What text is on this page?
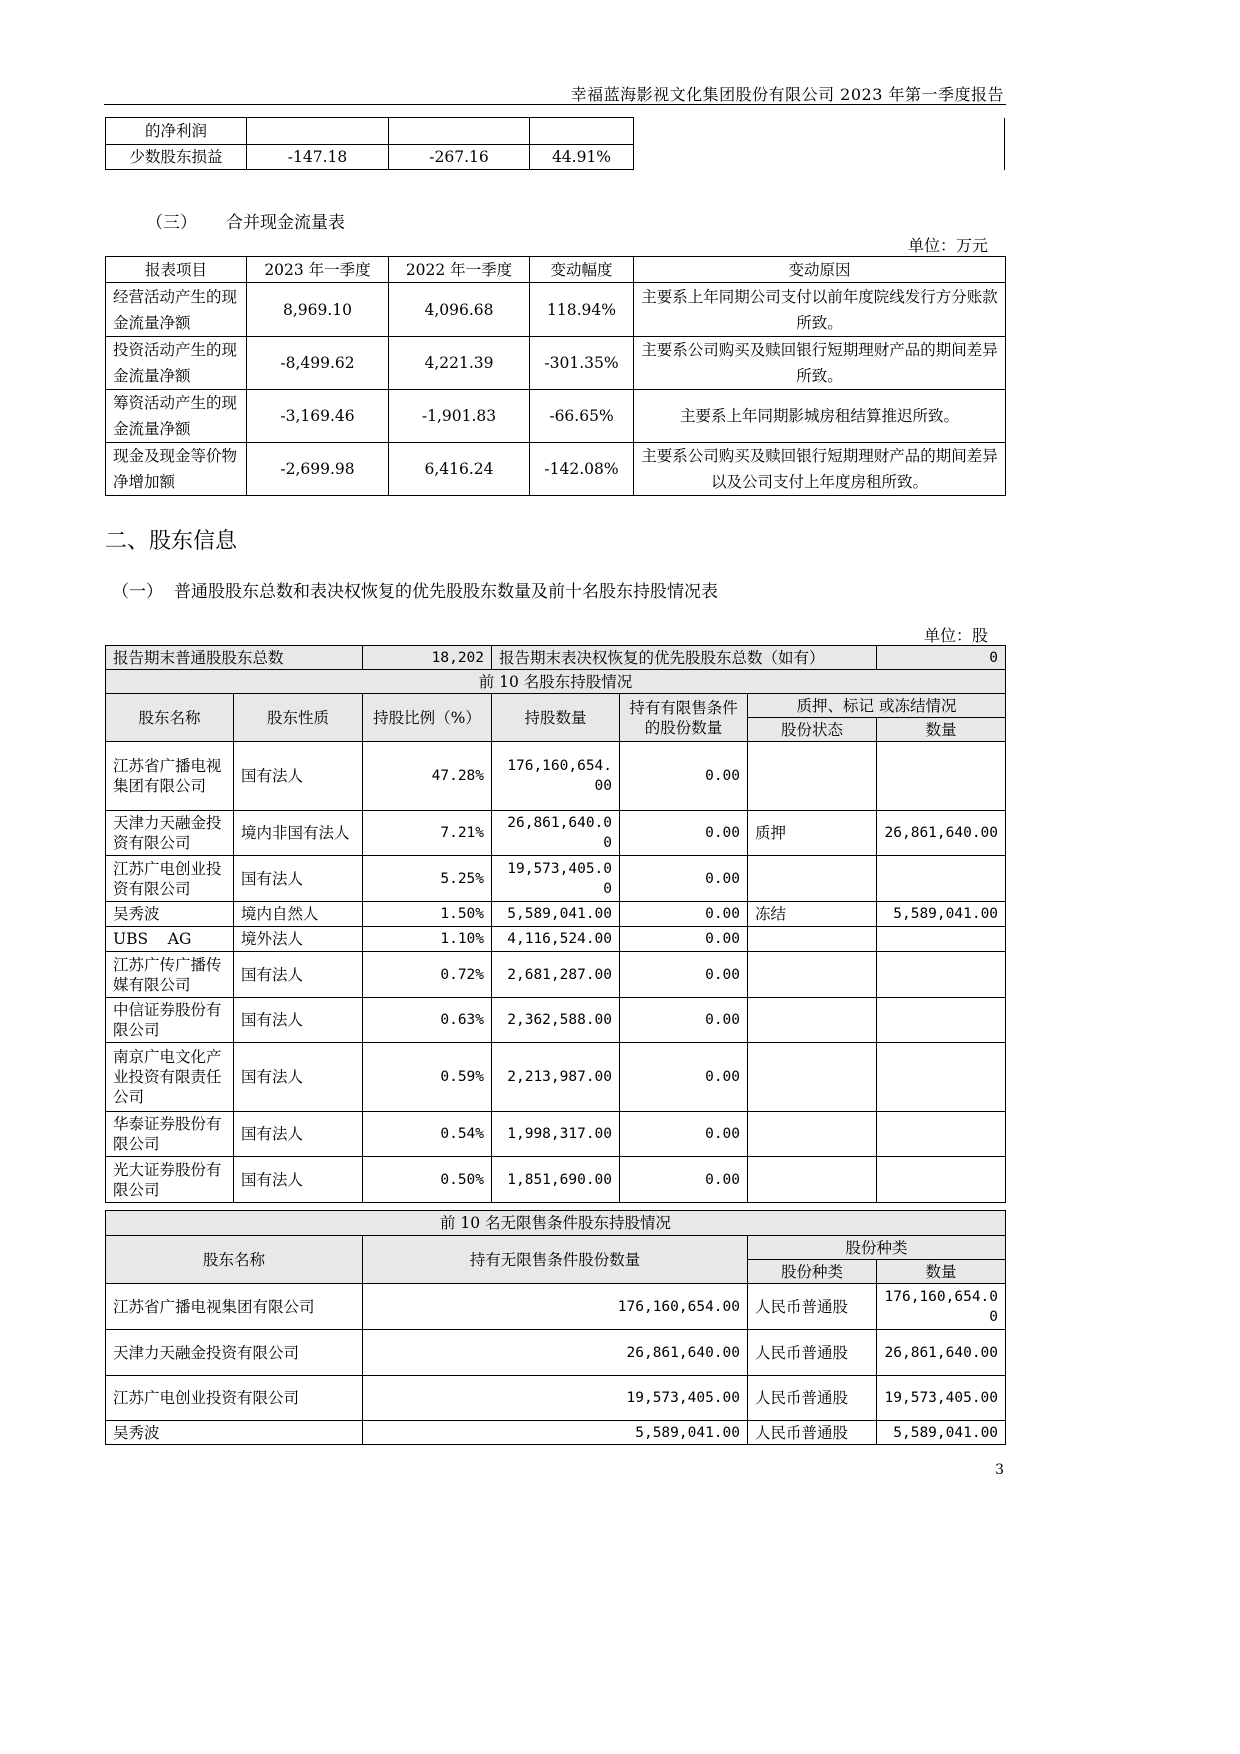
幸福蓝海影视文化集团股份有限公司 2023 年第一季度报告
的净利润			
少数股东损益	-147.18	-267.16	44.91%
（三） 合并现金流量表
单位：万元
报表项目	2023 年一季度	2022 年一季度	变动幅度	变动原因
经营活动产生的现金流量净额	8,969.10	4,096.68	118.94%	主要系上年同期公司支付以前年度院线发行方分账款所致。
投资活动产生的现金流量净额	-8,499.62	4,221.39	-301.35%	主要系公司购买及赎回银行短期理财产品的期间差异所致。
筹资活动产生的现金流量净额	-3,169.46	-1,901.83	-66.65%	主要系上年同期影城房租结算推迟所致。
现金及现金等价物净增加额	-2,699.98	6,416.24	-142.08%	主要系公司购买及赎回银行短期理财产品的期间差异以及公司支付上年度房租所致。
二、股东信息
（一） 普通股股东总数和表决权恢复的优先股股东数量及前十名股东持股情况表
单位：股
报告期末普通股股东总数		18,202	报告期末表决权恢复的优先股股东总数（如有）			0
前 10 名股东持股情况						
股东名称	股东性质	持股比例（%）	持股数量	持有有限售条件的股份数量	质押、标记 或冻结情况	
					股份状态	数量
江苏省广播电视集团有限公司	国有法人	47.28%	176,160,654.00	0.00		
天津力天融金投资有限公司	境内非国有法人	7.21%	26,861,640.00	0.00	质押	26,861,640.00
江苏广电创业投资有限公司	国有法人	5.25%	19,573,405.00	0.00		
吴秀波	境内自然人	1.50%	5,589,041.00	0.00	冻结	5,589,041.00
UBS    AG	境外法人	1.10%	4,116,524.00	0.00		
江苏广传广播传媒有限公司	国有法人	0.72%	2,681,287.00	0.00		
中信证券股份有限公司	国有法人	0.63%	2,362,588.00	0.00		
南京广电文化产业投资有限责任公司	国有法人	0.59%	2,213,987.00	0.00		
华泰证券股份有限公司	国有法人	0.54%	1,998,317.00	0.00		
光大证券股份有限公司	国有法人	0.50%	1,851,690.00	0.00		
前 10 名无限售条件股东持股情况			
股东名称	持有无限售条件股份数量	股份种类	
		股份种类	数量
江苏省广播电视集团有限公司	176,160,654.00	人民币普通股	176,160,654.00
天津力天融金投资有限公司	26,861,640.00	人民币普通股	26,861,640.00
江苏广电创业投资有限公司	19,573,405.00	人民币普通股	19,573,405.00
吴秀波	5,589,041.00	人民币普通股	5,589,041.00
3
